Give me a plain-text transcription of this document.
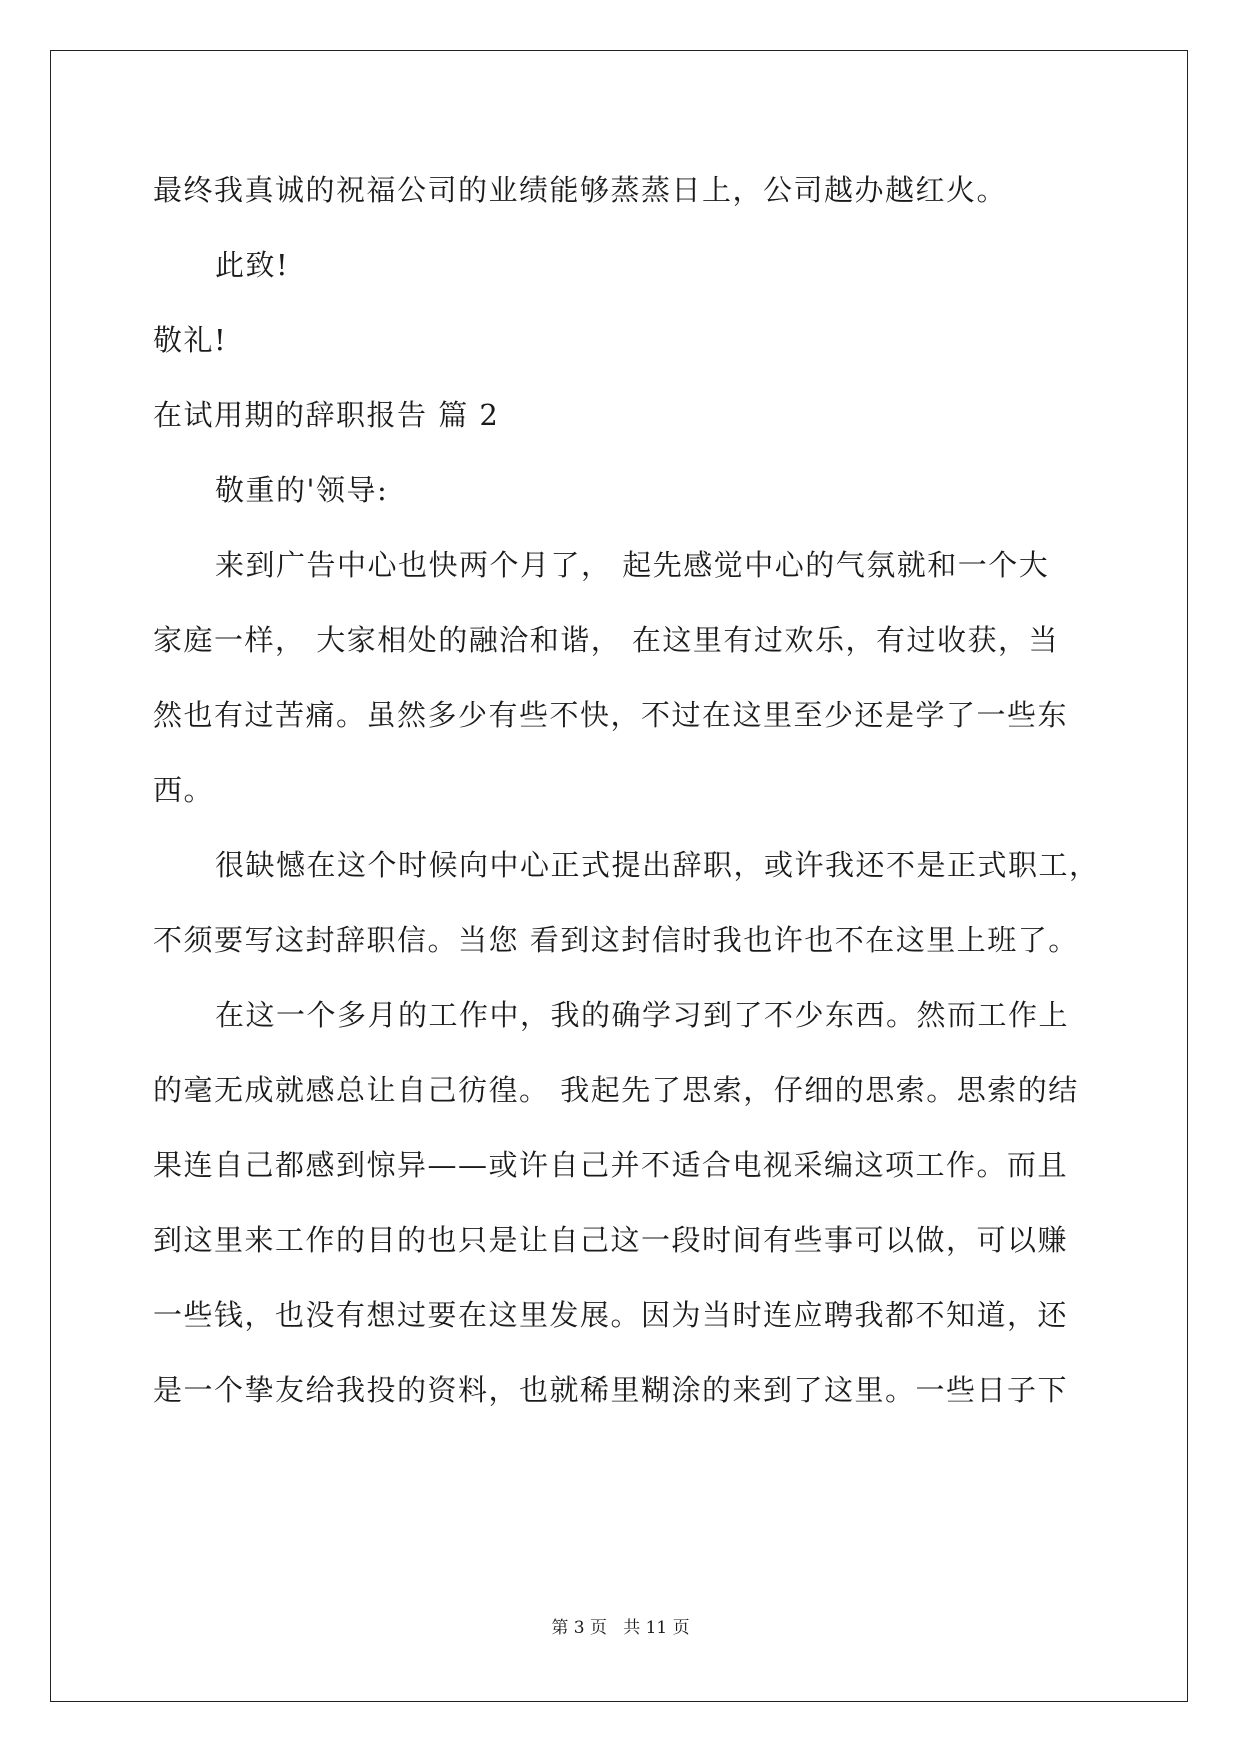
最终我真诚的祝福公司的业绩能够蒸蒸日上，公司越办越红火。
此致!
敬礼!
在试用期的辞职报告 篇 2
敬重的'领导:
来到广告中心也快两个月了， 起先感觉中心的气氛就和一个大
家庭一样， 大家相处的融洽和谐， 在这里有过欢乐，有过收获，当
然也有过苦痛。虽然多少有些不快，不过在这里至少还是学了一些东
西。
很缺憾在这个时候向中心正式提出辞职，或许我还不是正式职工，
不须要写这封辞职信。当您 看到这封信时我也许也不在这里上班了。
在这一个多月的工作中，我的确学习到了不少东西。然而工作上
的毫无成就感总让自己彷徨。 我起先了思索，仔细的思索。思索的结
果连自己都感到惊异——或许自己并不适合电视采编这项工作。而且
到这里来工作的目的也只是让自己这一段时间有些事可以做，可以赚
一些钱，也没有想过要在这里发展。因为当时连应聘我都不知道，还
是一个挚友给我投的资料，也就稀里糊涂的来到了这里。一些日子下
第 3 页   共 11 页
